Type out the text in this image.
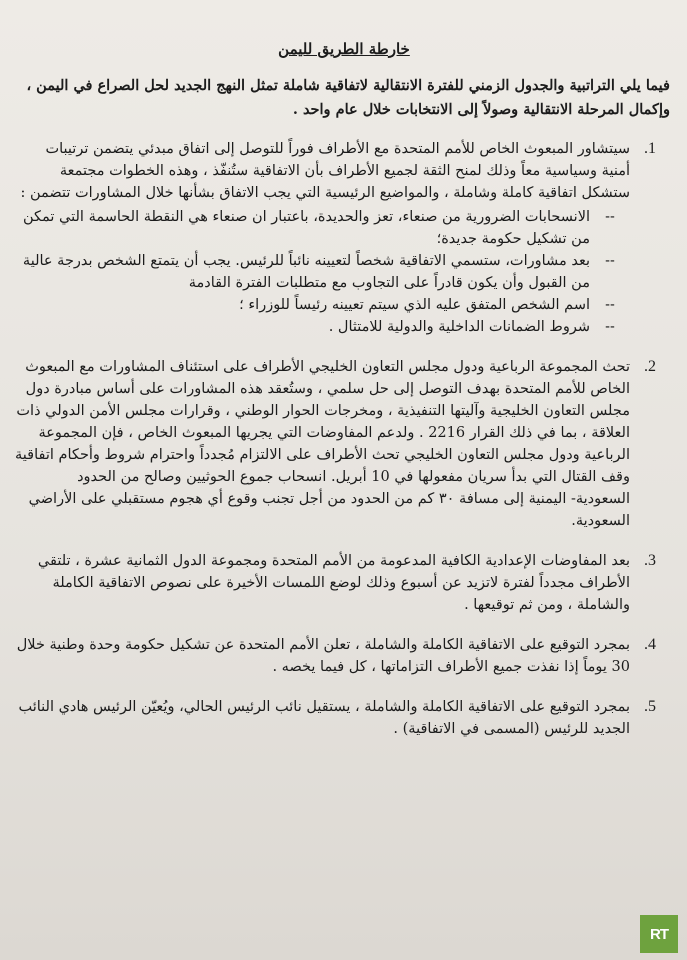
خارطة الطريق لليمن
فيما يلي التراتبية والجدول الزمني للفترة الانتقالية لاتفاقية شاملة تمثل النهج الجديد لحل الصراع في اليمن ، وإكمال المرحلة الانتقالية وصولاً إلى الانتخابات خلال عام واحد .
1.

سيتشاور المبعوث الخاص للأمم المتحدة مع الأطراف فوراً للتوصل إلى اتفاق مبدئي يتضمن ترتيبات أمنية وسياسية معاً وذلك لمنح الثقة لجميع الأطراف بأن الاتفاقية ستُنفّذ ، وهذه الخطوات مجتمعة ستشكل اتفاقية كاملة وشاملة ، والمواضيع الرئيسية التي يجب الاتفاق بشأنها خلال المشاورات تتضمن :

--
الانسحابات الضرورية من صنعاء، تعز والحديدة، باعتبار ان صنعاء هي النقطة الحاسمة التي تمكن من تشكيل حكومة جديدة؛
--
بعد مشاورات، ستسمي الاتفاقية شخصاً لتعيينه نائباً للرئيس. يجب أن يتمتع الشخص بدرجة عالية من القبول وأن يكون قادراً على التجاوب مع متطلبات الفترة القادمة
--
اسم الشخص المتفق عليه الذي سيتم تعيينه رئيساً للوزراء ؛
--
شروط الضمانات الداخلية والدولية للامتثال .
2.

تحث المجموعة الرباعية ودول مجلس التعاون الخليجي الأطراف على استئناف المشاورات مع المبعوث الخاص للأمم المتحدة بهدف التوصل إلى حل سلمي ، وستُعقد هذه المشاورات على أساس مبادرة دول مجلس التعاون الخليجية وآليتها التنفيذية ، ومخرجات الحوار الوطني ، وقرارات مجلس الأمن الدولي ذات العلاقة ، بما في ذلك القرار 2216 . ولدعم المفاوضات التي يجريها المبعوث الخاص ، فإن المجموعة الرباعية ودول مجلس التعاون الخليجي تحث الأطراف على الالتزام مُجدداً واحترام شروط وأحكام اتفاقية وقف القتال التي بدأ سريان مفعولها في 10 أبريل. انسحاب جموع الحوثيين وصالح من الحدود السعودية- اليمنية إلى مسافة ٣٠ كم من الحدود من أجل تجنب وقوع أي هجوم مستقبلي على الأراضي السعودية.

3.

بعد المفاوضات الإعدادية الكافية المدعومة من الأمم المتحدة ومجموعة الدول الثمانية عشرة ، تلتقي الأطراف مجدداً لفترة لاتزيد عن أسبوع وذلك لوضع اللمسات الأخيرة على نصوص الاتفاقية الكاملة والشاملة ، ومن ثم توقيعها .

4.

بمجرد التوقيع على الاتفاقية الكاملة والشاملة ، تعلن الأمم المتحدة عن تشكيل حكومة وحدة وطنية خلال 30 يوماً إذا نفذت جميع الأطراف التزاماتها ، كل فيما يخصه .

5.

بمجرد التوقيع على الاتفاقية الكاملة والشاملة ، يستقيل نائب الرئيس الحالي، ويُعيّن الرئيس هادي النائب الجديد للرئيس (المسمى في الاتفاقية) .

RT
